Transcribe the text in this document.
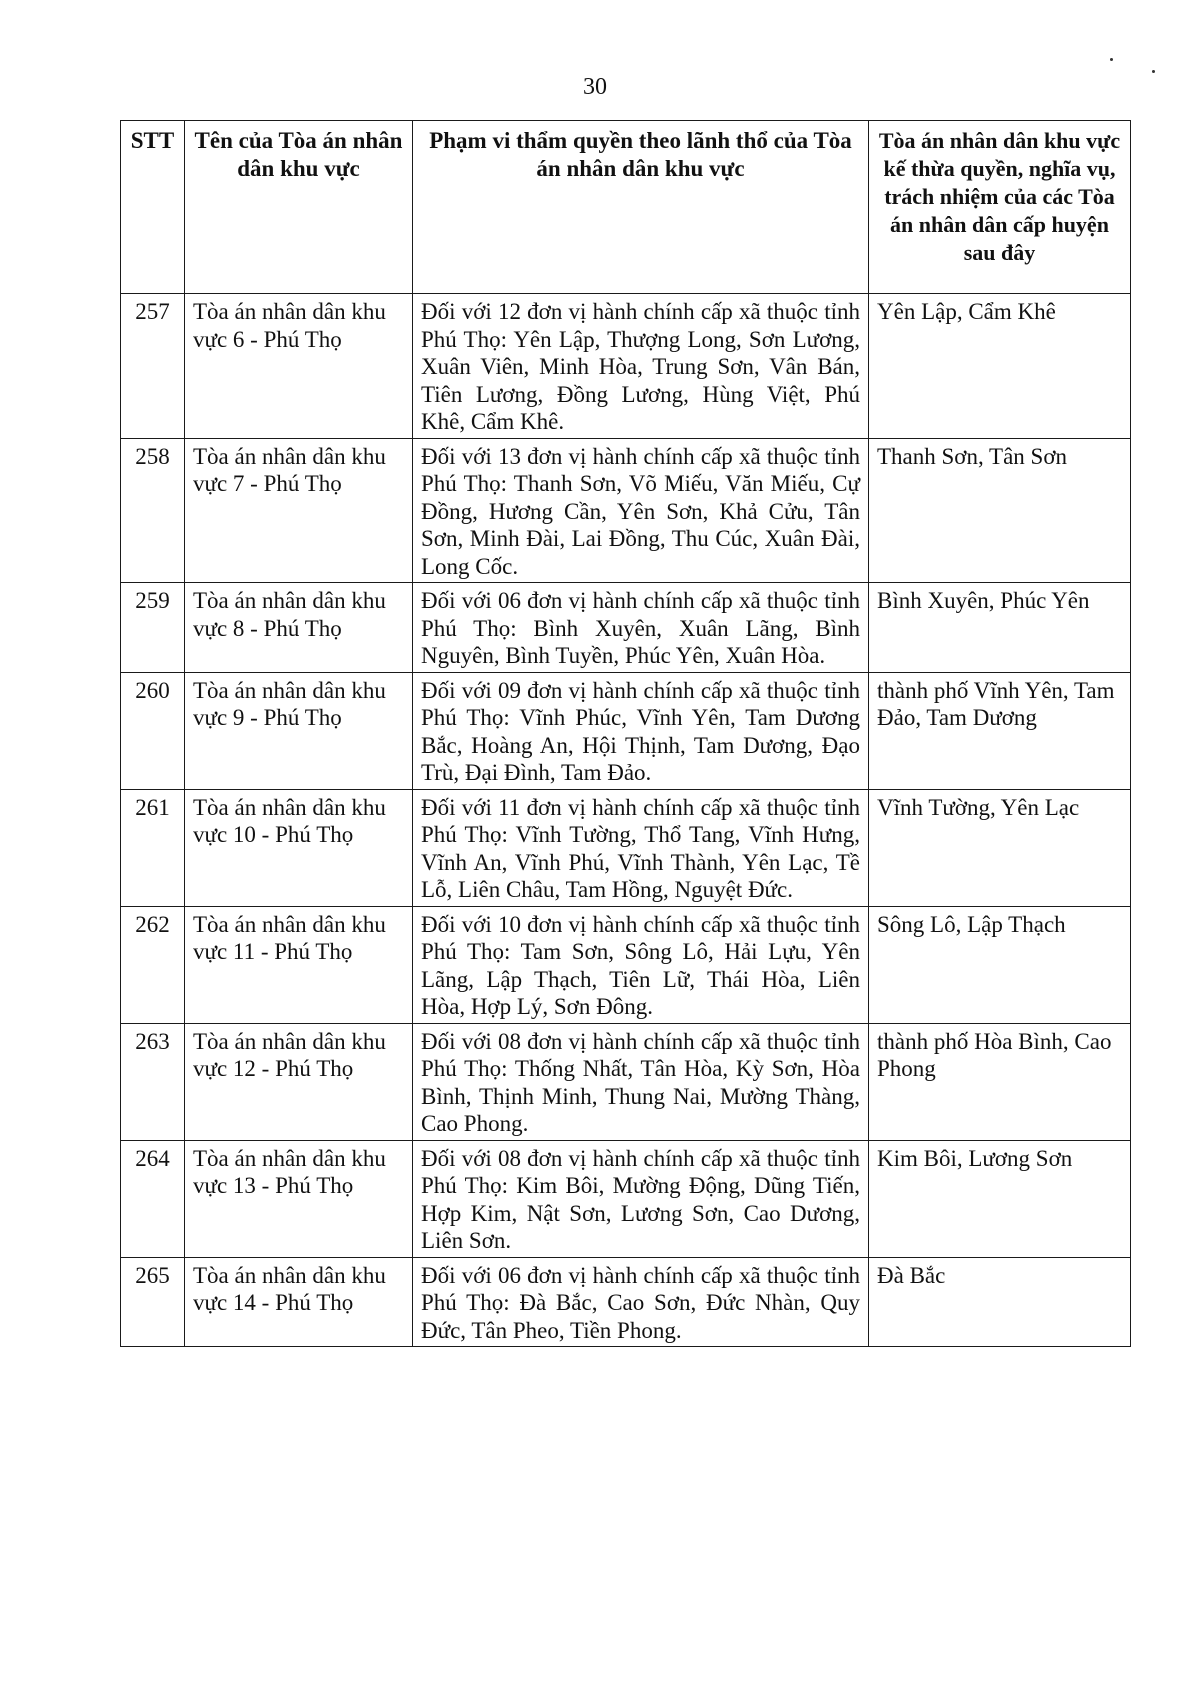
30
STT	Tên của Tòa án nhân dân khu vực	Phạm vi thẩm quyền theo lãnh thổ của Tòa án nhân dân khu vực	Tòa án nhân dân khu vực kế thừa quyền, nghĩa vụ, trách nhiệm của các Tòa án nhân dân cấp huyện sau đây
257	Tòa án nhân dân khu vực 6 - Phú Thọ	Đối với 12 đơn vị hành chính cấp xã thuộc tỉnh Phú Thọ: Yên Lập, Thượng Long, Sơn Lương, Xuân Viên, Minh Hòa, Trung Sơn, Vân Bán, Tiên Lương, Đồng Lương, Hùng Việt, Phú Khê, Cẩm Khê.	Yên Lập, Cẩm Khê
258	Tòa án nhân dân khu vực 7 - Phú Thọ	Đối với 13 đơn vị hành chính cấp xã thuộc tỉnh Phú Thọ: Thanh Sơn, Võ Miếu, Văn Miếu, Cự Đồng, Hương Cần, Yên Sơn, Khả Cửu, Tân Sơn, Minh Đài, Lai Đồng, Thu Cúc, Xuân Đài, Long Cốc.	Thanh Sơn, Tân Sơn
259	Tòa án nhân dân khu vực 8 - Phú Thọ	Đối với 06 đơn vị hành chính cấp xã thuộc tỉnh Phú Thọ: Bình Xuyên, Xuân Lãng, Bình Nguyên, Bình Tuyền, Phúc Yên, Xuân Hòa.	Bình Xuyên, Phúc Yên
260	Tòa án nhân dân khu vực 9 - Phú Thọ	Đối với 09 đơn vị hành chính cấp xã thuộc tỉnh Phú Thọ: Vĩnh Phúc, Vĩnh Yên, Tam Dương Bắc, Hoàng An, Hội Thịnh, Tam Dương, Đạo Trù, Đại Đình, Tam Đảo.	thành phố Vĩnh Yên, Tam Đảo, Tam Dương
261	Tòa án nhân dân khu vực 10 - Phú Thọ	Đối với 11 đơn vị hành chính cấp xã thuộc tỉnh Phú Thọ: Vĩnh Tường, Thổ Tang, Vĩnh Hưng, Vĩnh An, Vĩnh Phú, Vĩnh Thành, Yên Lạc, Tề Lỗ, Liên Châu, Tam Hồng, Nguyệt Đức.	Vĩnh Tường, Yên Lạc
262	Tòa án nhân dân khu vực 11 - Phú Thọ	Đối với 10 đơn vị hành chính cấp xã thuộc tỉnh Phú Thọ: Tam Sơn, Sông Lô, Hải Lựu, Yên Lãng, Lập Thạch, Tiên Lữ, Thái Hòa, Liên Hòa, Hợp Lý, Sơn Đông.	Sông Lô, Lập Thạch
263	Tòa án nhân dân khu vực 12 - Phú Thọ	Đối với 08 đơn vị hành chính cấp xã thuộc tỉnh Phú Thọ: Thống Nhất, Tân Hòa, Kỳ Sơn, Hòa Bình, Thịnh Minh, Thung Nai, Mường Thàng, Cao Phong.	thành phố Hòa Bình, Cao Phong
264	Tòa án nhân dân khu vực 13 - Phú Thọ	Đối với 08 đơn vị hành chính cấp xã thuộc tỉnh Phú Thọ: Kim Bôi, Mường Động, Dũng Tiến, Hợp Kim, Nật Sơn, Lương Sơn, Cao Dương, Liên Sơn.	Kim Bôi, Lương Sơn
265	Tòa án nhân dân khu vực 14 - Phú Thọ	Đối với 06 đơn vị hành chính cấp xã thuộc tỉnh Phú Thọ: Đà Bắc, Cao Sơn, Đức Nhàn, Quy Đức, Tân Pheo, Tiền Phong.	Đà Bắc
